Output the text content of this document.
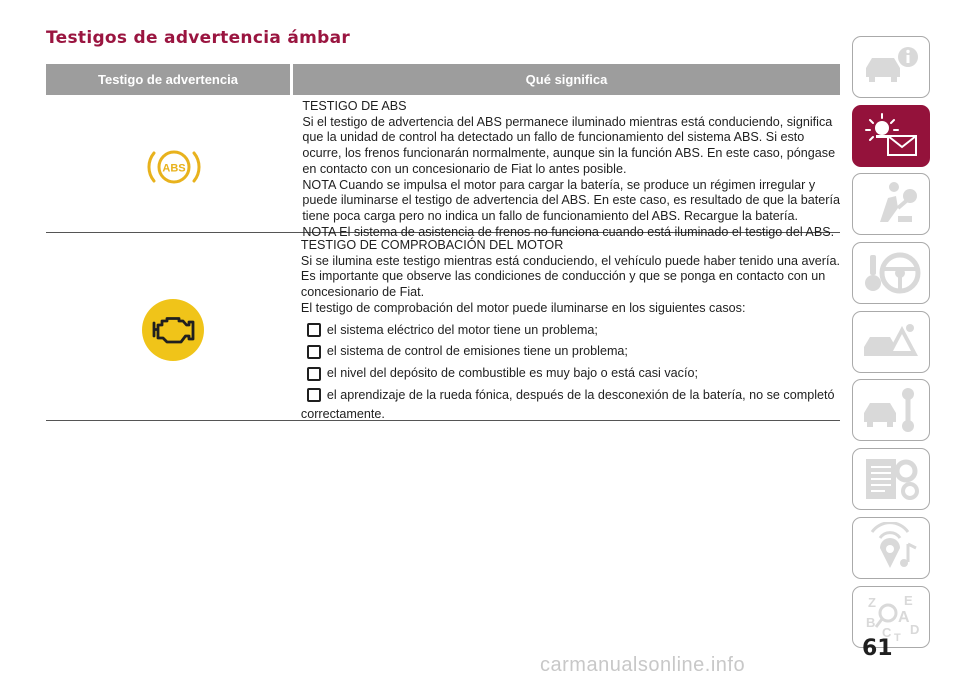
Testigos de advertencia ámbar
Testigo de advertencia	Qué significa
ABS
TESTIGO DE ABS
Si el testigo de advertencia del ABS permanece iluminado mientras está conduciendo, significa
que la unidad de control ha detectado un fallo de funcionamiento del sistema ABS. Si esto
ocurre, los frenos funcionarán normalmente, aunque sin la función ABS. En este caso, póngase
en contacto con un concesionario de Fiat lo antes posible.
NOTA Cuando se impulsa el motor para cargar la batería, se produce un régimen irregular y
puede iluminarse el testigo de advertencia del ABS. En este caso, es resultado de que la batería
tiene poca carga pero no indica un fallo de funcionamiento del ABS. Recargue la batería.
NOTA El sistema de asistencia de frenos no funciona cuando está iluminado el testigo del ABS.
TESTIGO DE COMPROBACIÓN DEL MOTOR
Si se ilumina este testigo mientras está conduciendo, el vehículo puede haber tenido una avería.
Es importante que observe las condiciones de conducción y que se ponga en contacto con un
concesionario de Fiat.
El testigo de comprobación del motor puede iluminarse en los siguientes casos:
el sistema eléctrico del motor tiene un problema;
el sistema de control de emisiones tiene un problema;
el nivel del depósito de combustible es muy bajo o está casi vacío;
el aprendizaje de la rueda fónica, después de la desconexión de la batería, no se completó
correctamente.
Z E
A
B
C T
D
61
carmanualsonline.info
